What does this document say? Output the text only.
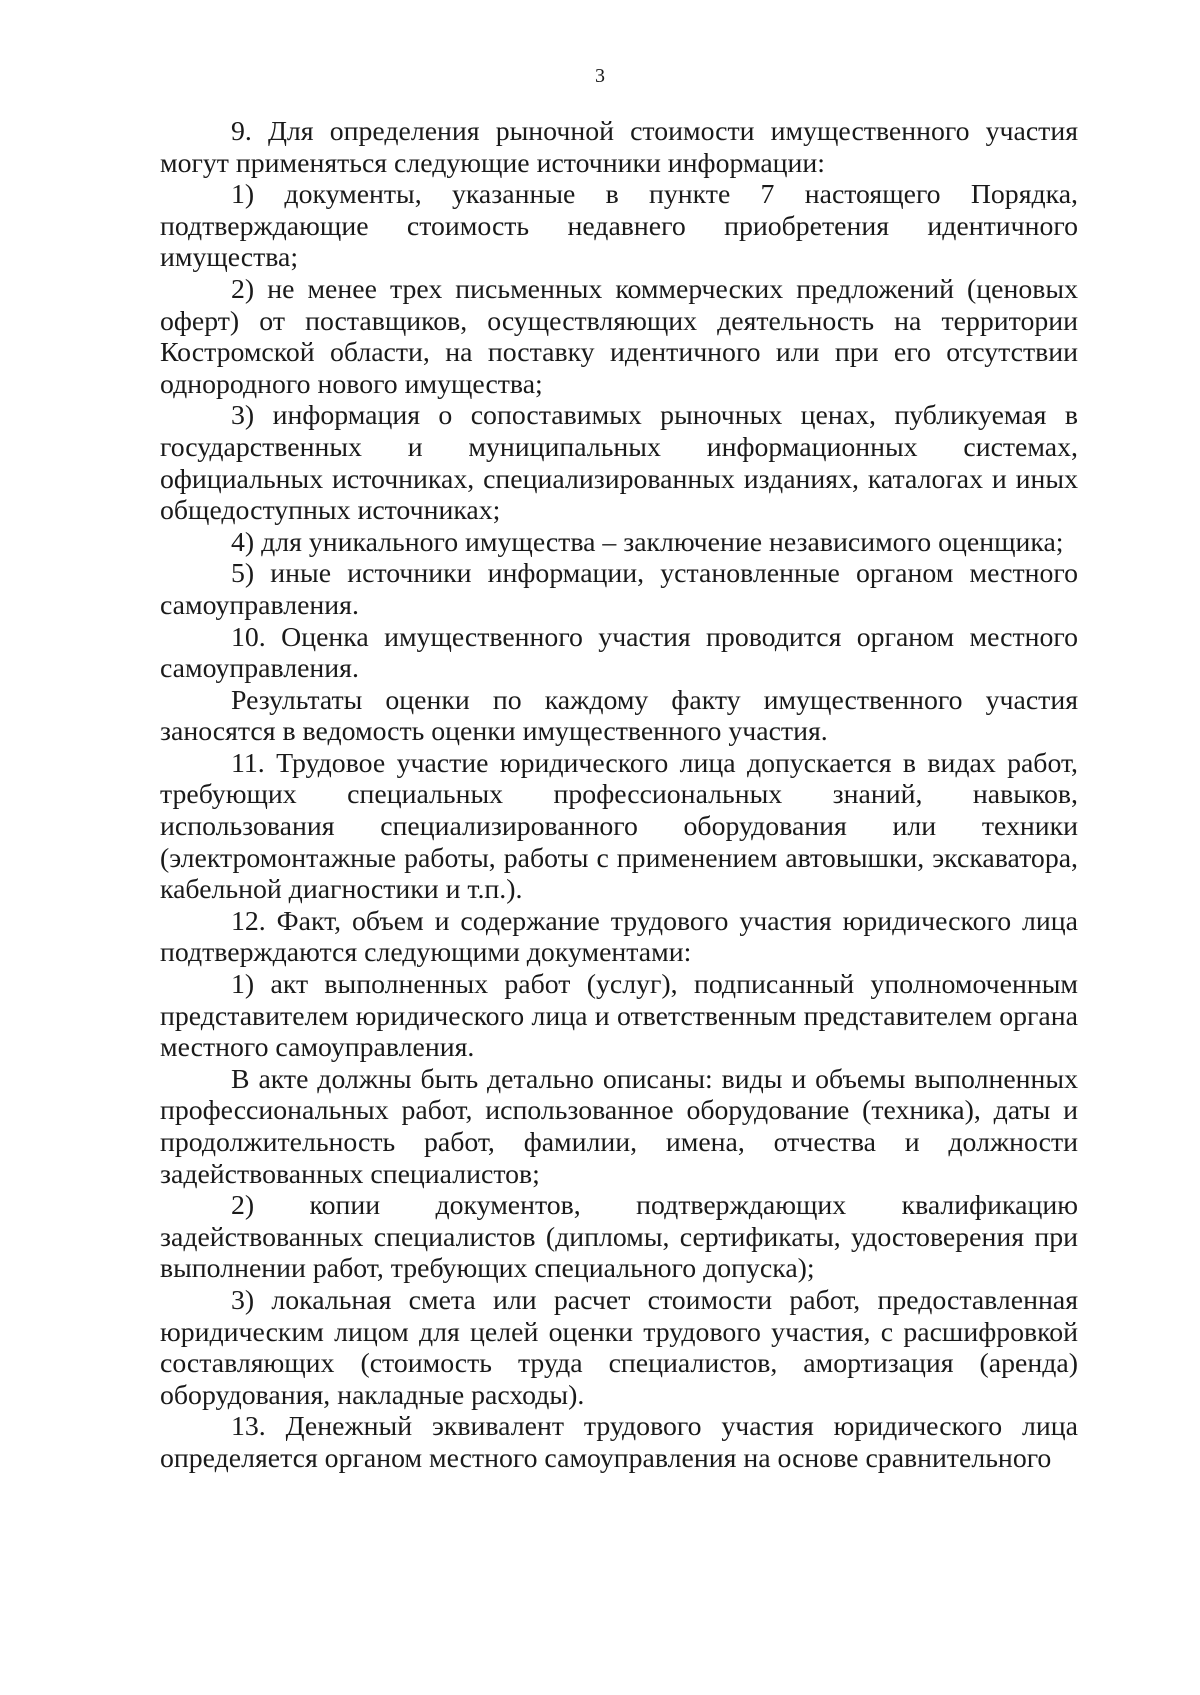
3

9. Для определения рыночной стоимости имущественного участия могут применяться следующие источники информации:

1) документы, указанные в пункте 7 настоящего Порядка, подтверждающие стоимость недавнего приобретения идентичного имущества;

2) не менее трех письменных коммерческих предложений (ценовых оферт) от поставщиков, осуществляющих деятельность на территории Костромской области, на поставку идентичного или при его отсутствии однородного нового имущества;

3) информация о сопоставимых рыночных ценах, публикуемая в государственных и муниципальных информационных системах, официальных источниках, специализированных изданиях, каталогах и иных общедоступных источниках;

4) для уникального имущества – заключение независимого оценщика;

5) иные источники информации, установленные органом местного самоуправления.

10. Оценка имущественного участия проводится органом местного самоуправления.

Результаты оценки по каждому факту имущественного участия заносятся в ведомость оценки имущественного участия.

11. Трудовое участие юридического лица допускается в видах работ, требующих специальных профессиональных знаний, навыков, использования специализированного оборудования или техники (электромонтажные работы, работы с применением автовышки, экскаватора, кабельной диагностики и т.п.).

12. Факт, объем и содержание трудового участия юридического лица подтверждаются следующими документами:

1) акт выполненных работ (услуг), подписанный уполномоченным представителем юридического лица и ответственным представителем органа местного самоуправления.

В акте должны быть детально описаны: виды и объемы выполненных профессиональных работ, использованное оборудование (техника), даты и продолжительность работ, фамилии, имена, отчества и должности задействованных специалистов;

2) копии документов, подтверждающих квалификацию задействованных специалистов (дипломы, сертификаты, удостоверения при выполнении работ, требующих специального допуска);

3) локальная смета или расчет стоимости работ, предоставленная юридическим лицом для целей оценки трудового участия, с расшифровкой составляющих (стоимость труда специалистов, амортизация (аренда) оборудования, накладные расходы).

13. Денежный эквивалент трудового участия юридического лица определяется органом местного самоуправления на основе сравнительного
